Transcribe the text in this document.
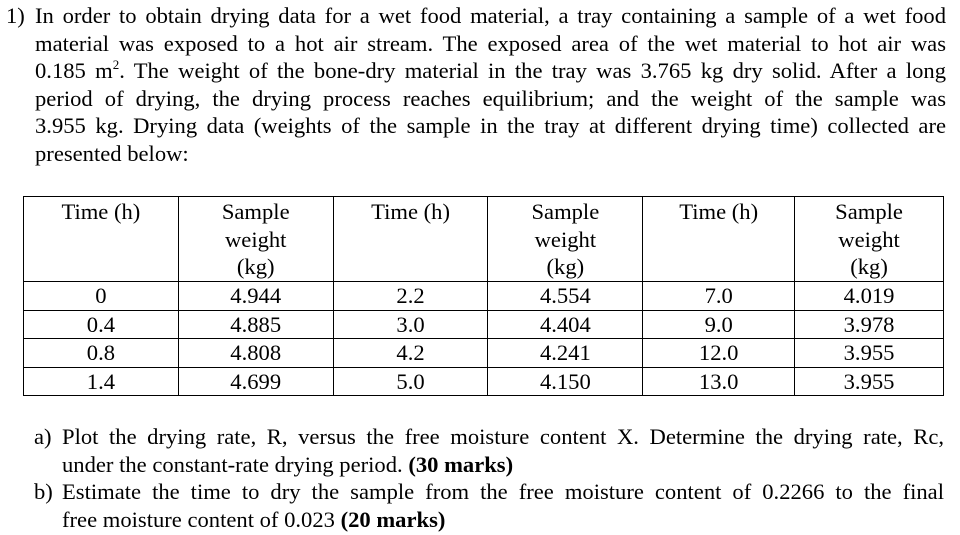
1) In order to obtain drying data for a wet food material, a tray containing a sample of a wet food
material was exposed to a hot air stream. The exposed area of the wet material to hot air was
0.185 $m^2$. The weight of the bone-dry material in the tray was 3.765 kg dry solid. After a long
period of drying, the drying process reaches equilibrium; and the weight of the sample was
3.955 kg. Drying data (weights of the sample in the tray at different drying time) collected are
presented below:
Time (h)	Sample
weight
(kg)	Time (h)	Sample
weight
(kg)	Time (h)	Sample
weight
(kg)
0	4.944	2.2	4.554	7.0	4.019
0.4	4.885	3.0	4.404	9.0	3.978
0.8	4.808	4.2	4.241	12.0	3.955
1.4	4.699	5.0	4.150	13.0	3.955
a) Plot the drying rate, R, versus the free moisture content X. Determine the drying rate, Rc,
under the constant-rate drying period. (30 marks)
b) Estimate the time to dry the sample from the free moisture content of 0.2266 to the final
free moisture content of 0.023 (20 marks)
